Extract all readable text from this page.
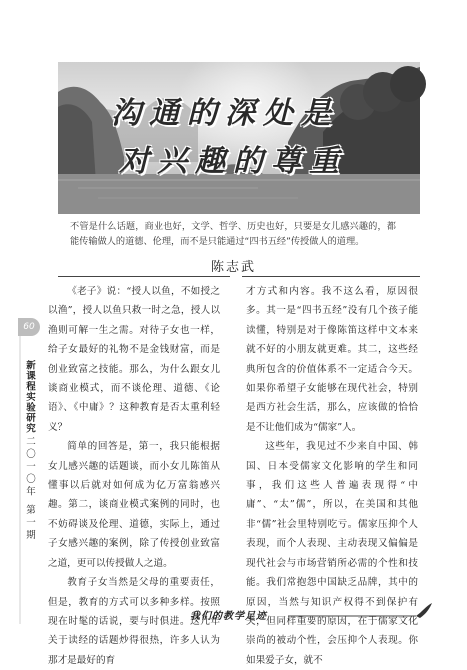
沟通的深处是
对兴趣的尊重
不管是什么话题，商业也好，文学、哲学、历史也好，只要是女儿感兴趣的，都能传输做人的道德、伦理，而不是只能通过“四书五经”传授做人的道理。
陈志武

《老子》说：“授人以鱼，不如授之以渔”，授人以鱼只救一时之急，授人以渔则可解一生之需。对待子女也一样，给子女最好的礼物不是金钱财富，而是创业致富之技能。那么，为什么跟女儿谈商业模式，而不谈伦理、道德、《论语》、《中庸》？这种教育是否太重利轻义？

简单的回答是，第一，我只能根据女儿感兴趣的话题谈，而小女儿陈笛从懂事以后就对如何成为亿万富翁感兴趣。第二，谈商业模式案例的同时，也不妨碍谈及伦理、道德，实际上，通过子女感兴趣的案例，除了传授创业致富之道，更可以传授做人之道。

教育子女当然是父母的重要责任，但是，教育的方式可以多种多样。按照现在时髦的话说，要与时俱进。这几年关于读经的话题炒得很热，许多人认为那才是最好的育

才方式和内容。我不这么看，原因很多。其一是“四书五经”没有几个孩子能读懂，特别是对于像陈笛这样中文本来就不好的小朋友就更难。其二，这些经典所包含的价值体系不一定适合今天。如果你希望子女能够在现代社会，特别是西方社会生活，那么，应该做的恰恰是不让他们成为“儒家”人。

这些年，我见过不少来自中国、韩国、日本受儒家文化影响的学生和同事，我们这些人普遍表现得“中庸”、“太”儒”，所以，在美国和其他非“儒”社会里特别吃亏。儒家压抑个人表现，而个人表现、主动表现又偏偏是现代社会与市场营销所必需的个性和技能。我们常抱怨中国缺乏品牌，其中的原因，当然与知识产权得不到保护有关，但同样重要的原因，在于儒家文化崇尚的被动个性，会压抑个人表现。你如果爱子女，就不

60
新课程实验研究
二〇一〇年 第一期
我们的教学足迹
